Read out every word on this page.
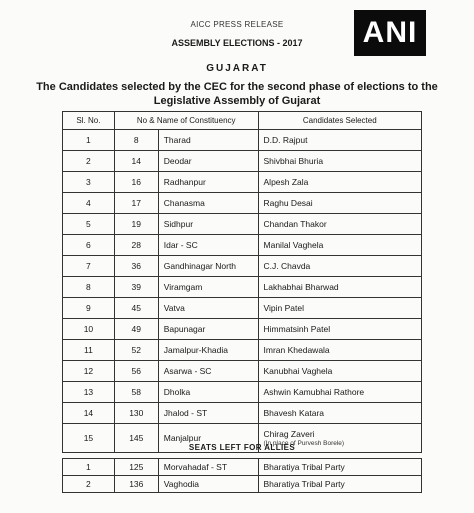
ANI
AICC PRESS RELEASE
ASSEMBLY ELECTIONS - 2017
GUJARAT
The Candidates selected by the CEC for the second phase of elections to the Legislative Assembly of Gujarat
Sl. No.	No & Name of Constituency		Candidates Selected
1	8	Tharad	D.D. Rajput
2	14	Deodar	Shivbhai Bhuria
3	16	Radhanpur	Alpesh Zala
4	17	Chanasma	Raghu Desai
5	19	Sidhpur	Chandan Thakor
6	28	Idar - SC	Manilal Vaghela
7	36	Gandhinagar North	C.J. Chavda
8	39	Viramgam	Lakhabhai Bharwad
9	45	Vatva	Vipin Patel
10	49	Bapunagar	Himmatsinh Patel
11	52	Jamalpur-Khadia	Imran Khedawala
12	56	Asarwa - SC	Kanubhai Vaghela
13	58	Dholka	Ashwin Kamubhai Rathore
14	130	Jhalod - ST	Bhavesh Katara
15	145	Manjalpur	Chirag Zaveri
(In place of Purvesh Borele)
SEATS LEFT FOR ALLIES
1	125	Morvahadaf - ST	Bharatiya Tribal Party
2	136	Vaghodia	Bharatiya Tribal Party
